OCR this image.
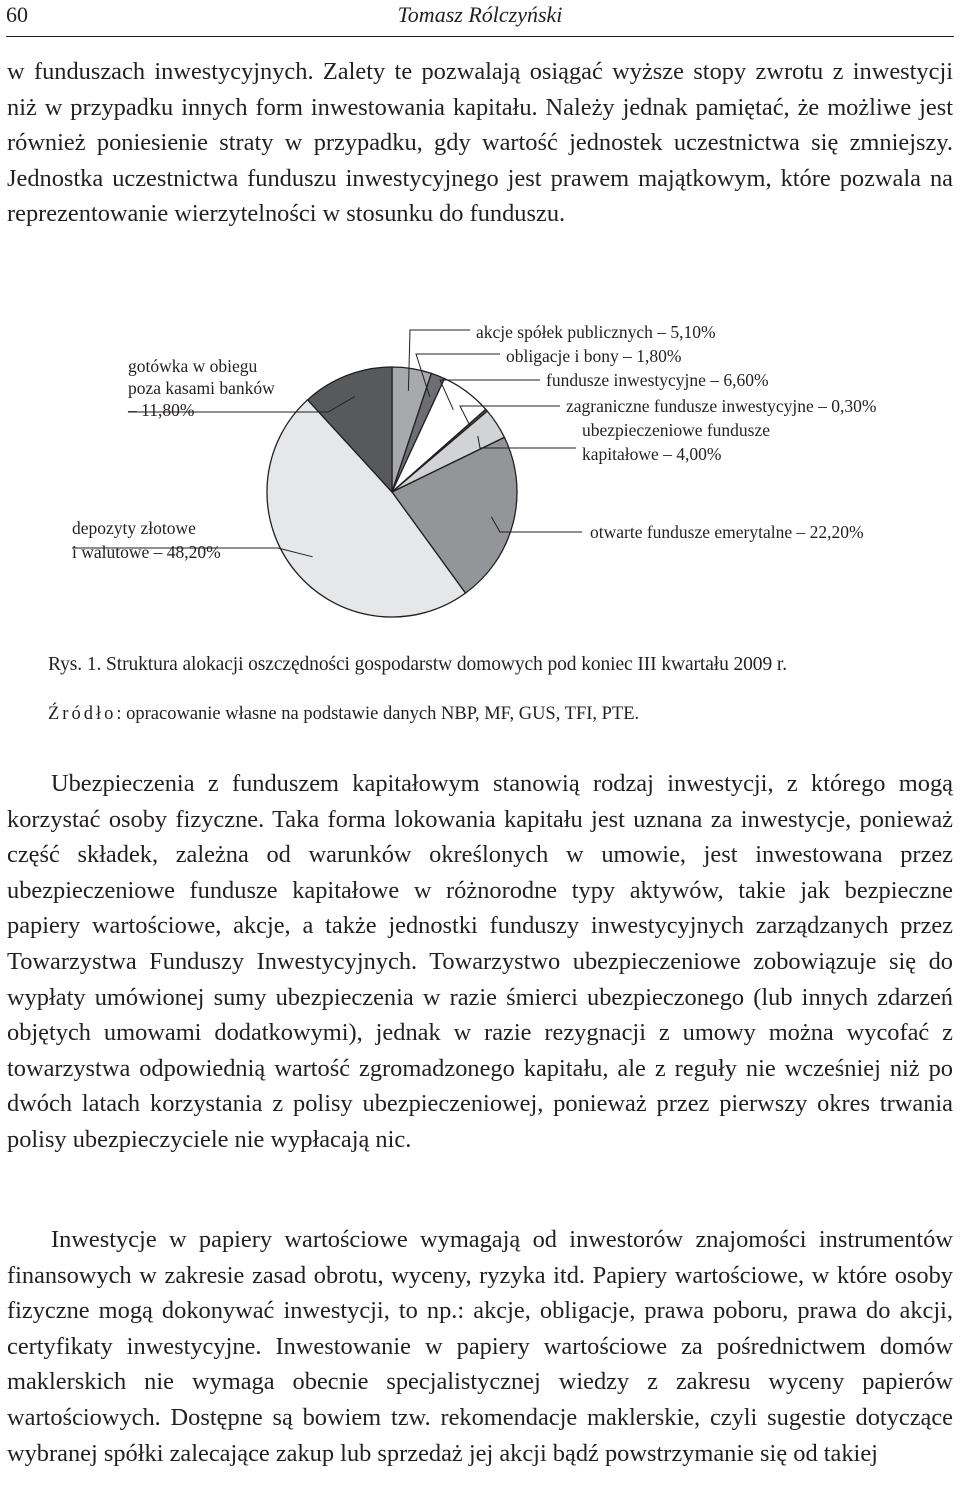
60	Tomasz Rólczyński

w funduszach inwestycyjnych. Zalety te pozwalają osiągać wyższe stopy zwrotu z inwestycji niż w przypadku innych form inwestowania kapitału. Należy jednak pamiętać, że możliwe jest również poniesienie straty w przypadku, gdy wartość jednostek uczestnictwa się zmniejszy. Jednostka uczestnictwa funduszu inwestycyjnego jest prawem majątkowym, które pozwala na reprezentowanie wierzytelności w stosunku do funduszu.

akcje spółek publicznych – 5,10%
obligacje i bony – 1,80%
fundusze inwestycyjne – 6,60%
zagraniczne fundusze inwestycyjne – 0,30%
ubezpieczeniowe fundusze kapitałowe – 4,00%
otwarte fundusze emerytalne – 22,20%
depozyty złotowe i walutowe – 48,20%
gotówka w obiegu poza kasami banków – 11,80%
Rys. 1. Struktura alokacji oszczędności gospodarstw domowych pod koniec III kwartału 2009 r.
Źródło: opracowanie własne na podstawie danych NBP, MF, GUS, TFI, PTE.

Ubezpieczenia z funduszem kapitałowym stanowią rodzaj inwestycji, z którego mogą korzystać osoby fizyczne. Taka forma lokowania kapitału jest uznana za inwestycje, ponieważ część składek, zależna od warunków określonych w umowie, jest inwestowana przez ubezpieczeniowe fundusze kapitałowe w różnorodne typy aktywów, takie jak bezpieczne papiery wartościowe, akcje, a także jednostki funduszy inwestycyjnych zarządzanych przez Towarzystwa Funduszy Inwestycyjnych. Towarzystwo ubezpieczeniowe zobowiązuje się do wypłaty umówionej sumy ubezpieczenia w razie śmierci ubezpieczonego (lub innych zdarzeń objętych umowami dodatkowymi), jednak w razie rezygnacji z umowy można wycofać z towarzystwa odpowiednią wartość zgromadzonego kapitału, ale z reguły nie wcześniej niż po dwóch latach korzystania z polisy ubezpieczeniowej, ponieważ przez pierwszy okres trwania polisy ubezpieczyciele nie wypłacają nic.

Inwestycje w papiery wartościowe wymagają od inwestorów znajomości instrumentów finansowych w zakresie zasad obrotu, wyceny, ryzyka itd. Papiery wartościowe, w które osoby fizyczne mogą dokonywać inwestycji, to np.: akcje, obligacje, prawa poboru, prawa do akcji, certyfikaty inwestycyjne. Inwestowanie w papiery wartościowe za pośrednictwem domów maklerskich nie wymaga obecnie specjalistycznej wiedzy z zakresu wyceny papierów wartościowych. Dostępne są bowiem tzw. rekomendacje maklerskie, czyli sugestie dotyczące wybranej spółki zalecające zakup lub sprzedaż jej akcji bądź powstrzymanie się od takiej
